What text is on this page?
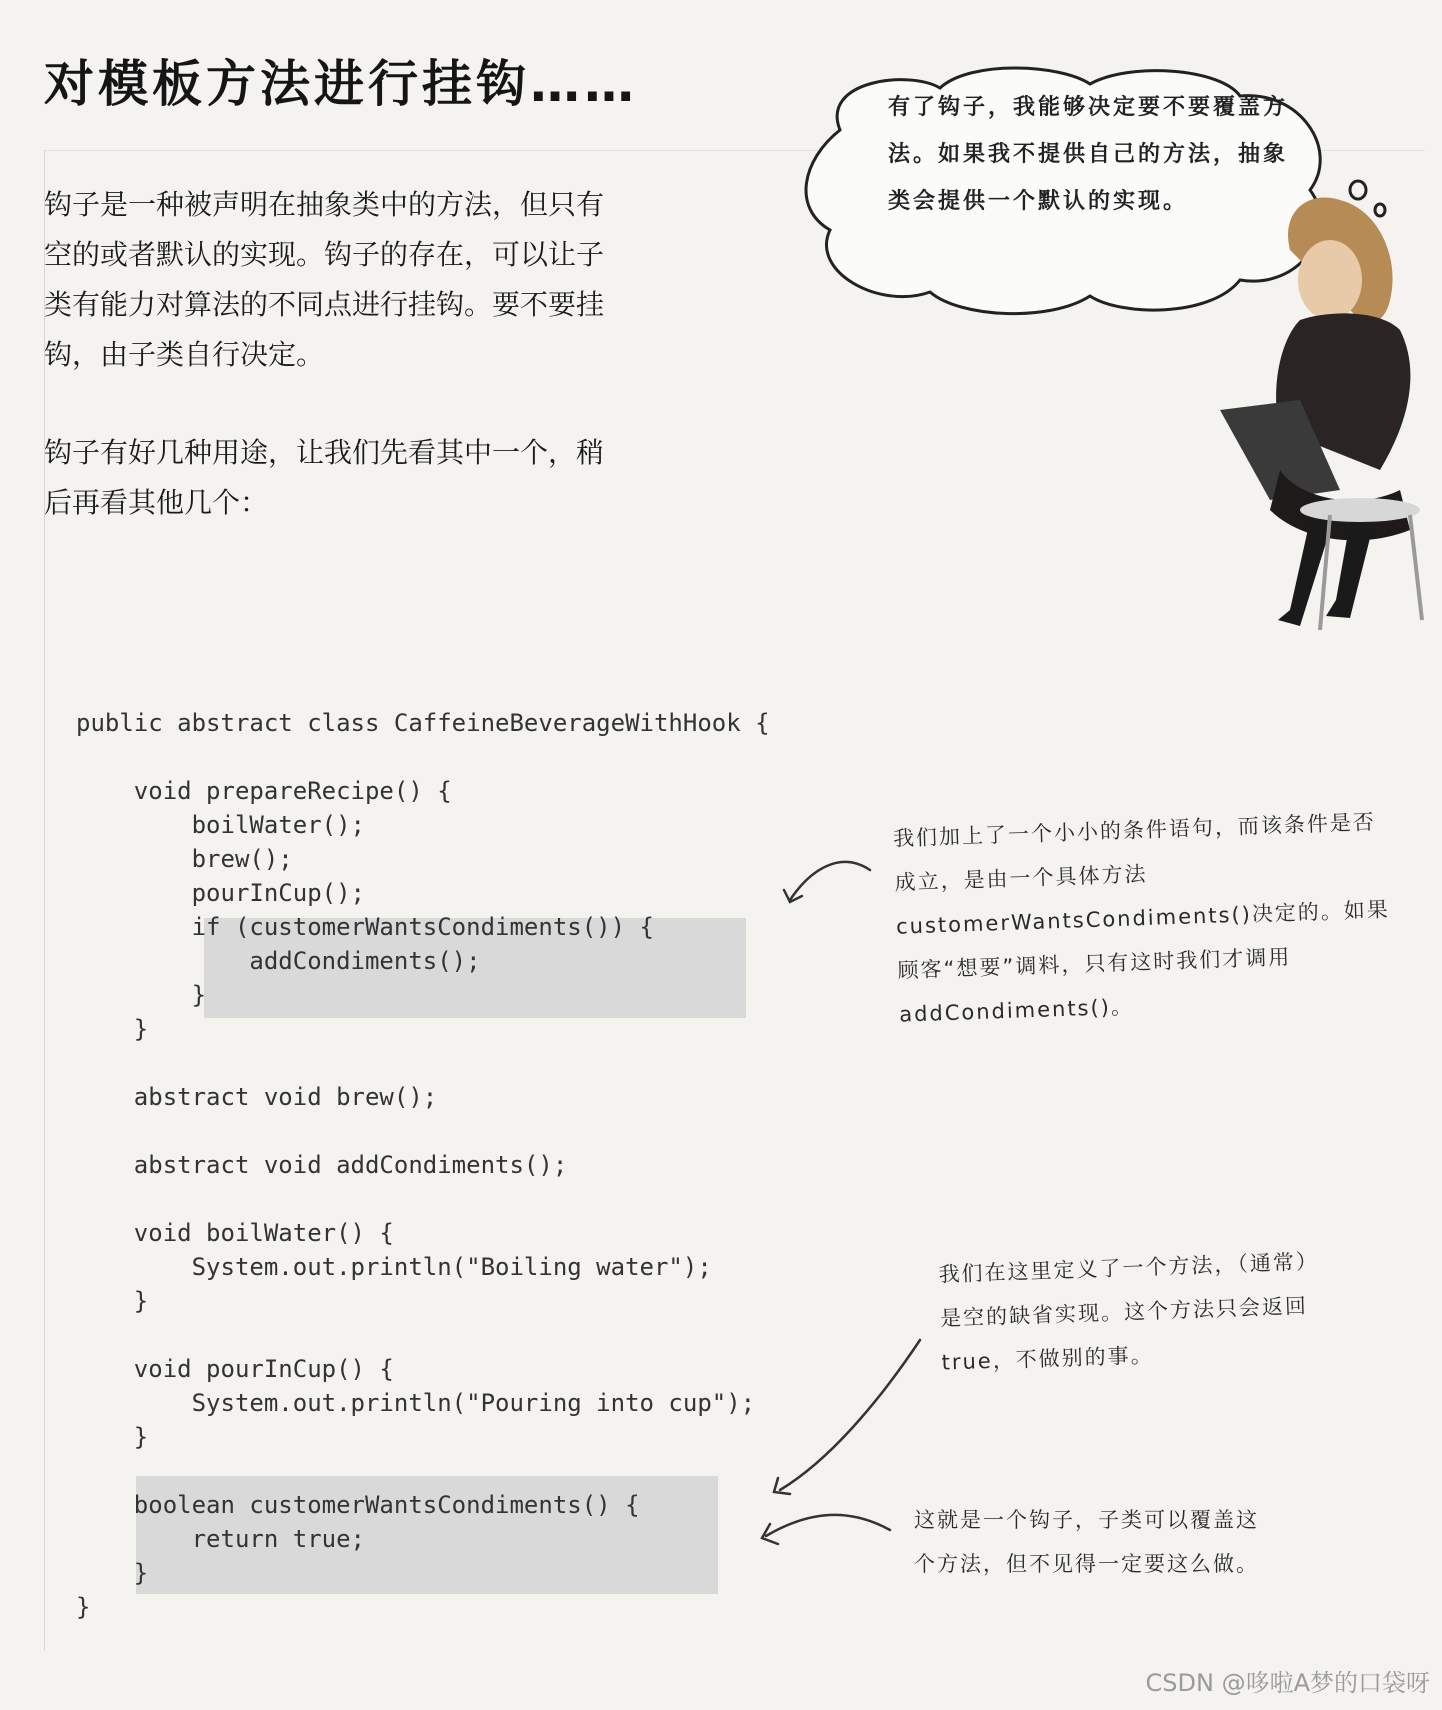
对模板方法进行挂钩……
钩子是一种被声明在抽象类中的方法，但只有空的或者默认的实现。钩子的存在，可以让子类有能力对算法的不同点进行挂钩。要不要挂钩，由子类自行决定。
钩子有好几种用途，让我们先看其中一个，稍后再看其他几个：
有了钩子，我能够决定要不要覆盖方法。如果我不提供自己的方法，抽象类会提供一个默认的实现。

public abstract class CaffeineBeverageWithHook {

void prepareRecipe() {

boilWater();

brew();

pourInCup();

if (customerWantsCondiments()) {

addCondiments();

}

}

abstract void brew();

abstract void addCondiments();

void boilWater() {

System.out.println("Boiling water");

}

void pourInCup() {

System.out.println("Pouring into cup");

}

boolean customerWantsCondiments() {

return true;

}

}

我们加上了一个小小的条件语句，而该条件是否成立，是由一个具体方法customerWantsCondiments()决定的。如果顾客“想要”调料，只有这时我们才调用addCondiments()。
我们在这里定义了一个方法，（通常）是空的缺省实现。这个方法只会返回true，不做别的事。
这就是一个钩子，子类可以覆盖这个方法，但不见得一定要这么做。
CSDN @哆啦A梦的口袋呀
